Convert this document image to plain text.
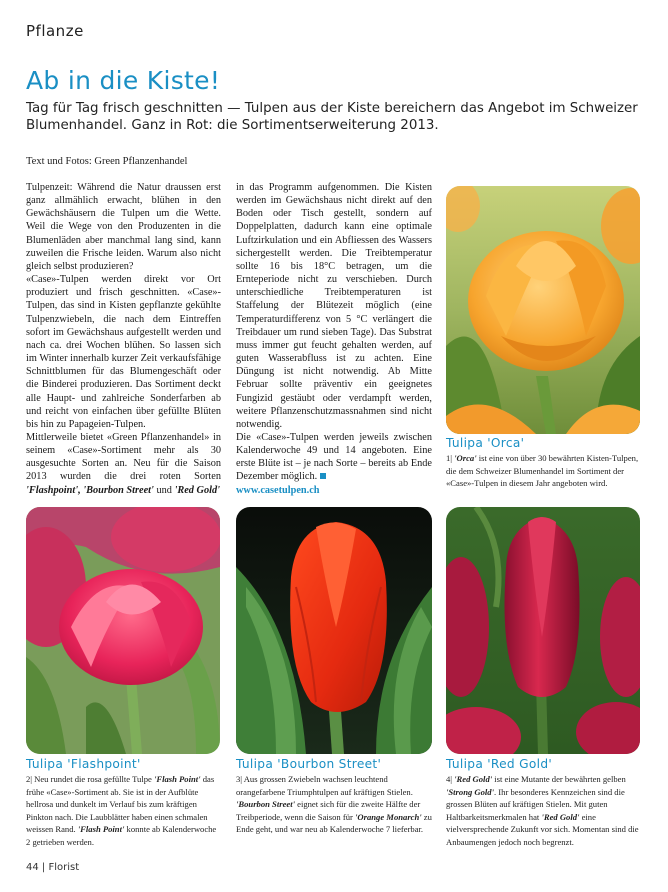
Pflanze
Ab in die Kiste!
Tag für Tag frisch geschnitten — Tulpen aus der Kiste bereichern das Angebot im Schweizer Blumenhandel. Ganz in Rot: die Sortimentserweiterung 2013.
Text und Fotos: Green Pflanzenhandel

Tulpenzeit: Während die Natur draussen erst ganz allmählich erwacht, blühen in den Gewächshäusern die Tulpen um die Wette. Weil die Wege von den Produzenten in die Blumenläden aber manchmal lang sind, kann zuweilen die Frische leiden. Warum also nicht gleich selbst produzieren?

«Case»-Tulpen werden direkt vor Ort produziert und frisch geschnitten. «Case»-Tulpen, das sind in Kisten gepflanzte gekühlte Tulpenzwiebeln, die nach dem Eintreffen sofort im Gewächshaus aufgestellt werden und nach ca. drei Wochen blühen. So lassen sich im Winter innerhalb kurzer Zeit verkaufsfähige Schnittblumen für das Blumengeschäft oder die Binderei produzieren. Das Sortiment deckt alle Haupt- und zahlreiche Sonderfarben ab und reicht von einfachen über gefüllte Blüten bis hin zu Papageien-Tulpen.

Mittlerweile bietet «Green Pflanzenhandel» in seinem «Case»-Sortiment mehr als 30 ausgesuchte Sorten an. Neu für die Saison 2013 wurden die drei roten Sorten 'Flashpoint', 'Bourbon Street' und 'Red Gold'

in das Programm aufgenommen. Die Kisten werden im Gewächshaus nicht direkt auf den Boden oder Tisch gestellt, sondern auf Doppelplatten, dadurch kann eine optimale Luftzirkulation und ein Abfliessen des Wassers sichergestellt werden. Die Treibtemperatur sollte 16 bis 18°C betragen, um die Ernteperiode nicht zu verschieben. Durch unterschiedliche Treibtemperaturen ist Staffelung der Blütezeit möglich (eine Temperaturdifferenz von 5 °C verlängert die Treibdauer um rund sieben Tage). Das Substrat muss immer gut feucht gehalten werden, auf guten Wasserabfluss ist zu achten. Eine Düngung ist nicht notwendig. Ab Mitte Februar sollte präventiv ein geeignetes Fungizid gestäubt oder verdampft werden, weitere Pflanzenschutzmassnahmen sind nicht notwendig.

Die «Case»-Tulpen werden jeweils zwischen Kalenderwoche 49 und 14 angeboten. Eine erste Blüte ist – je nach Sorte – bereits ab Ende Dezember möglich.

www.casetulpen.ch

Tulipa 'Orca'
1| 'Orca' ist eine von über 30 bewährten Kisten-Tulpen, die dem Schweizer Blumenhandel im Sortiment der «Case»-Tulpen in diesem Jahr angeboten wird.
Tulipa 'Flashpoint'
2| Neu rundet die rosa gefüllte Tulpe 'Flash Point' das frühe «Case»-Sortiment ab. Sie ist in der Aufblüte hellrosa und dunkelt im Verlauf bis zum kräftigen Pinkton nach. Die Laubblätter haben einen schmalen weissen Rand. 'Flash Point' konnte ab Kalenderwoche 2 getrieben werden.
Tulipa 'Bourbon Street'
3| Aus grossen Zwiebeln wachsen leuchtend orangefarbene Triumphtulpen auf kräftigen Stielen. 'Bourbon Street' eignet sich für die zweite Hälfte der Treibperiode, wenn die Saison für 'Orange Monarch' zu Ende geht, und war neu ab Kalenderwoche 7 lieferbar.
Tulipa 'Red Gold'
4| 'Red Gold' ist eine Mutante der bewährten gelben 'Strong Gold'. Ihr besonderes Kennzeichen sind die grossen Blüten auf kräftigen Stielen. Mit guten Haltbarkeitsmerkmalen hat 'Red Gold' eine vielversprechende Zukunft vor sich. Momentan sind die Anbaumengen jedoch noch begrenzt.
44 | Florist
